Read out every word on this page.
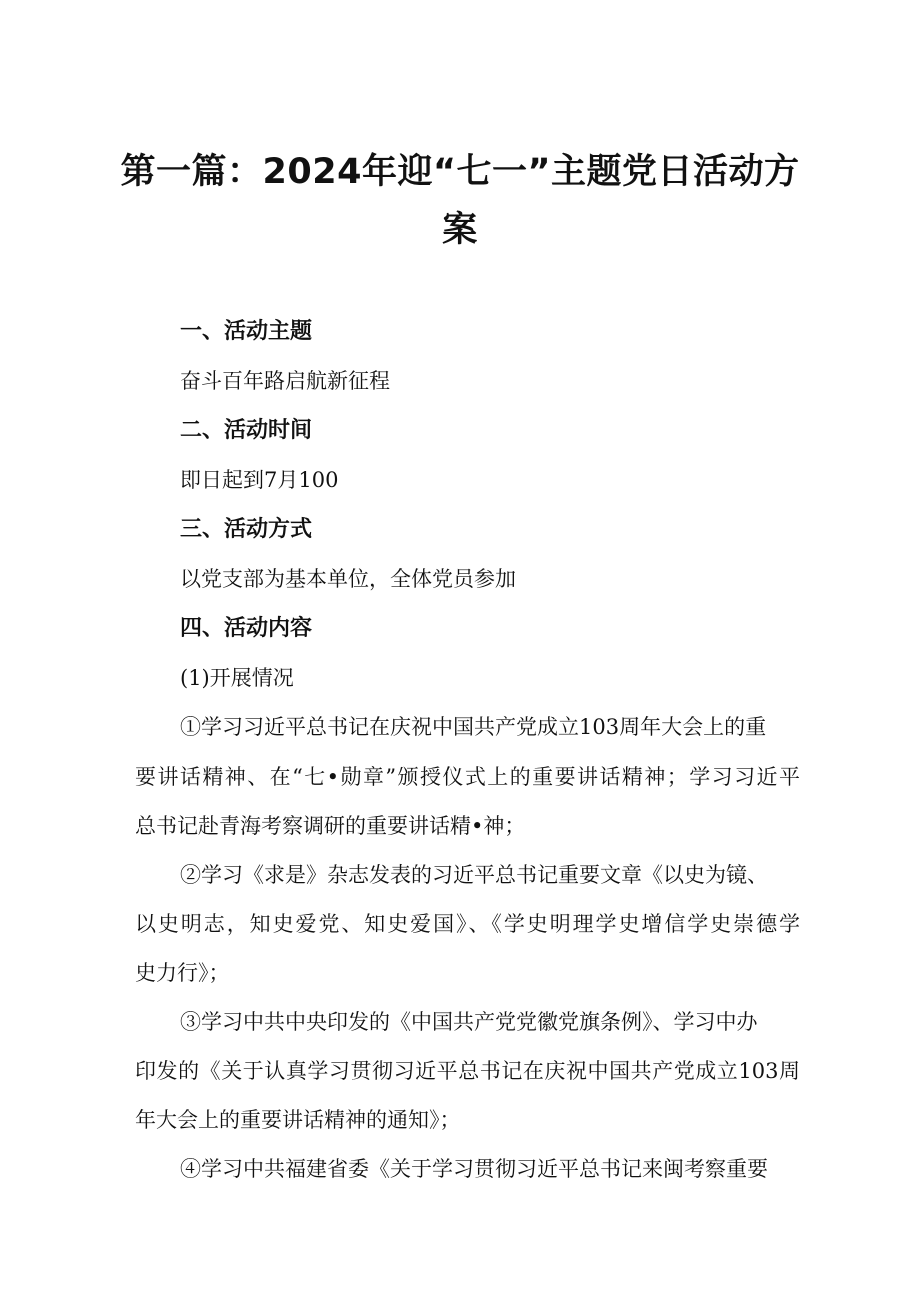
第一篇：2024年迎“七一”主题党日活动方
案
一、活动主题
奋斗百年路启航新征程
二、活动时间
即日起到7月100
三、活动方式
以党支部为基本单位，全体党员参加
四、活动内容
(1)开展情况
①学习习近平总书记在庆祝中国共产党成立103周年大会上的重
要讲话精神、在“七•勋章”颁授仪式上的重要讲话精神；学习习近平
总书记赴青海考察调研的重要讲话精•神；
②学习《求是》杂志发表的习近平总书记重要文章《以史为镜、
以史明志，知史爱党、知史爱国》、《学史明理学史增信学史崇德学
史力行》；
③学习中共中央印发的《中国共产党党徽党旗条例》、学习中办
印发的《关于认真学习贯彻习近平总书记在庆祝中国共产党成立103周
年大会上的重要讲话精神的通知》；
④学习中共福建省委《关于学习贯彻习近平总书记来闽考察重要
